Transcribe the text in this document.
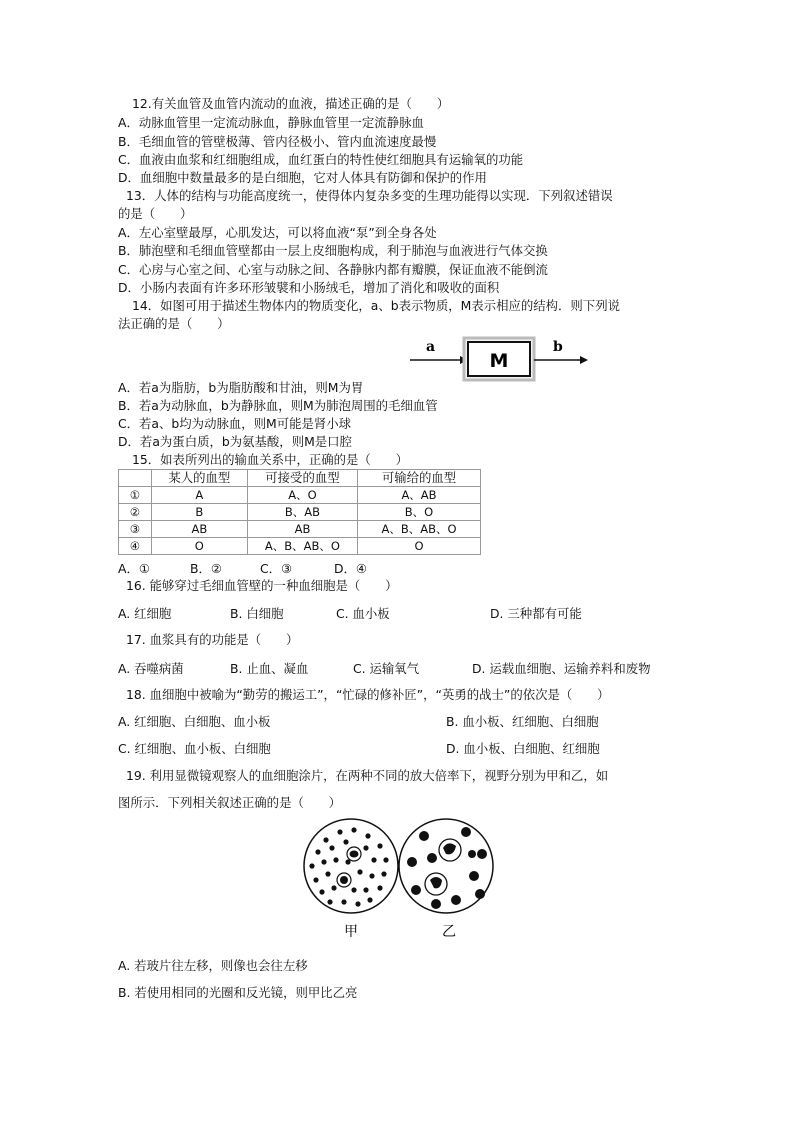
12.有关血管及血管内流动的血液，描述正确的是（　　）
A．动脉血管里一定流动脉血，静脉血管里一定流静脉血
B．毛细血管的管壁极薄、管内径极小、管内血流速度最慢
C．血液由血浆和红细胞组成，血红蛋白的特性使红细胞具有运输氧的功能
D．血细胞中数量最多的是白细胞，它对人体具有防御和保护的作用
13．人体的结构与功能高度统一，使得体内复杂多变的生理功能得以实现．下列叙述错误
的是（　　）
A．左心室壁最厚，心肌发达，可以将血液“泵”到全身各处
B．肺泡壁和毛细血管壁都由一层上皮细胞构成，利于肺泡与血液进行气体交换
C．心房与心室之间、心室与动脉之间、各静脉内都有瓣膜，保证血液不能倒流
D．小肠内表面有许多环形皱襞和小肠绒毛，增加了消化和吸收的面积
14．如图可用于描述生物体内的物质变化，a、b表示物质，M表示相应的结构．则下列说
法正确的是（　　）
a
M
b
A．若a为脂肪，b为脂肪酸和甘油，则M为胃
B．若a为动脉血，b为静脉血，则M为肺泡周围的毛细血管
C．若a、b均为动脉血，则M可能是肾小球
D．若a为蛋白质，b为氨基酸，则M是口腔
15．如表所列出的输血关系中，正确的是（　　）
	某人的血型	可接受的血型	可输给的血型
①	A	A、O	A、AB
②	B	B、AB	B、O
③	AB	AB	A、B、AB、O
④	O	A、B、AB、O	O
A．①	B．②	C．③	D．④
16. 能够穿过毛细血管壁的一种血细胞是（　　）
A. 红细胞	B. 白细胞	C. 血小板	D. 三种都有可能
17. 血浆具有的功能是（　　）
A. 吞噬病菌	B. 止血、凝血	C. 运输氧气	D. 运载血细胞、运输养料和废物
18. 血细胞中被喻为“勤劳的搬运工”，“忙碌的修补匠”，“英勇的战士”的依次是（　　）
A. 红细胞、白细胞、血小板	B. 血小板、红细胞、白细胞
C. 红细胞、血小板、白细胞	D. 血小板、白细胞、红细胞
19. 利用显微镜观察人的血细胞涂片，在两种不同的放大倍率下，视野分别为甲和乙，如
图所示．下列相关叙述正确的是（　　）
甲	乙
A. 若玻片往左移，则像也会往左移
B. 若使用相同的光圈和反光镜，则甲比乙亮
